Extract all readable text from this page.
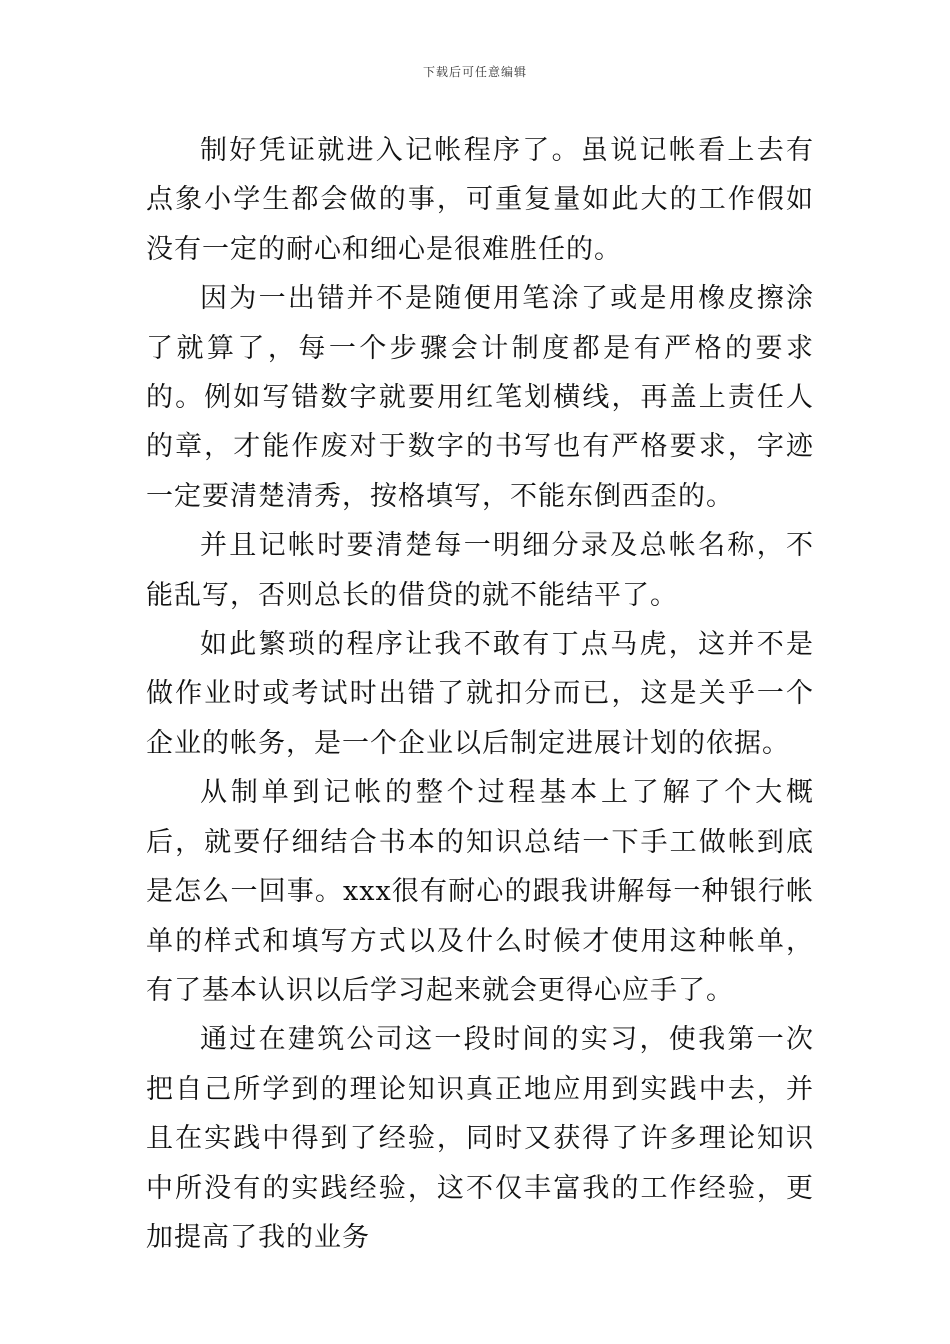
下载后可任意编辑

制好凭证就进入记帐程序了。虽说记帐看上去有点象小学生都会做的事，可重复量如此大的工作假如没有一定的耐心和细心是很难胜任的。

因为一出错并不是随便用笔涂了或是用橡皮擦涂了就算了，每一个步骤会计制度都是有严格的要求的。例如写错数字就要用红笔划横线，再盖上责任人的章，才能作废对于数字的书写也有严格要求，字迹一定要清楚清秀，按格填写，不能东倒西歪的。

并且记帐时要清楚每一明细分录及总帐名称，不能乱写，否则总长的借贷的就不能结平了。

如此繁琐的程序让我不敢有丁点马虎，这并不是做作业时或考试时出错了就扣分而已，这是关乎一个企业的帐务，是一个企业以后制定进展计划的依据。

从制单到记帐的整个过程基本上了解了个大概后，就要仔细结合书本的知识总结一下手工做帐到底是怎么一回事。xxx很有耐心的跟我讲解每一种银行帐单的样式和填写方式以及什么时候才使用这种帐单，有了基本认识以后学习起来就会更得心应手了。

通过在建筑公司这一段时间的实习，使我第一次把自己所学到的理论知识真正地应用到实践中去，并且在实践中得到了经验，同时又获得了许多理论知识中所没有的实践经验，这不仅丰富我的工作经验，更加提高了我的业务
